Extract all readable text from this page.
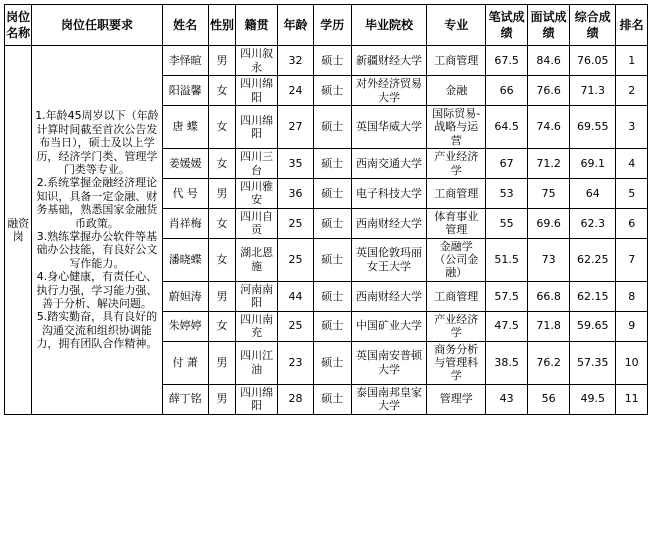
岗位名称	岗位任职要求	姓名	性别	籍贯	年龄	学历	毕业院校	专业	笔试成绩	面试成绩	综合成绩	排名
融资岗	1.年龄45周岁以下（年龄计算时间截至首次公告发布当日），硕士及以上学历，经济学门类、管理学门类等专业。

2.系统掌握金融经济理论知识，具备一定金融、财务基础，熟悉国家金融货币政策。

3.熟练掌握办公软件等基础办公技能，有良好公文写作能力。

4.身心健康，有责任心、执行力强，学习能力强、善于分析、解决问题。

5.踏实勤奋，具有良好的沟通交流和组织协调能力，拥有团队合作精神。	李怿暄	男	四川叙永	32	硕士	新疆财经大学	工商管理	67.5	84.6	76.05	1
		阳溢馨	女	四川绵阳	24	硕士	对外经济贸易大学	金融	66	76.6	71.3	2
		唐 蝶	女	四川绵阳	27	硕士	英国华威大学	国际贸易-战略与运营	64.5	74.6	69.55	3
		姜媛媛	女	四川三台	35	硕士	西南交通大学	产业经济学	67	71.2	69.1	4
		代 号	男	四川雅安	36	硕士	电子科技大学	工商管理	53	75	64	5
		肖祥梅	女	四川自贡	25	硕士	西南财经大学	体育事业管理	55	69.6	62.3	6
		潘晓蝶	女	湖北恩施	25	硕士	英国伦敦玛丽女王大学	金融学（公司金融）	51.5	73	62.25	7
		蔚妲涛	男	河南南阳	44	硕士	西南财经大学	工商管理	57.5	66.8	62.15	8
		朱婷婷	女	四川南充	25	硕士	中国矿业大学	产业经济学	47.5	71.8	59.65	9
		付 萧	男	四川江油	23	硕士	英国南安普顿大学	商务分析与管理科学	38.5	76.2	57.35	10
		薛丁铭	男	四川绵阳	28	硕士	泰国南邦皇家大学	管理学	43	56	49.5	11
